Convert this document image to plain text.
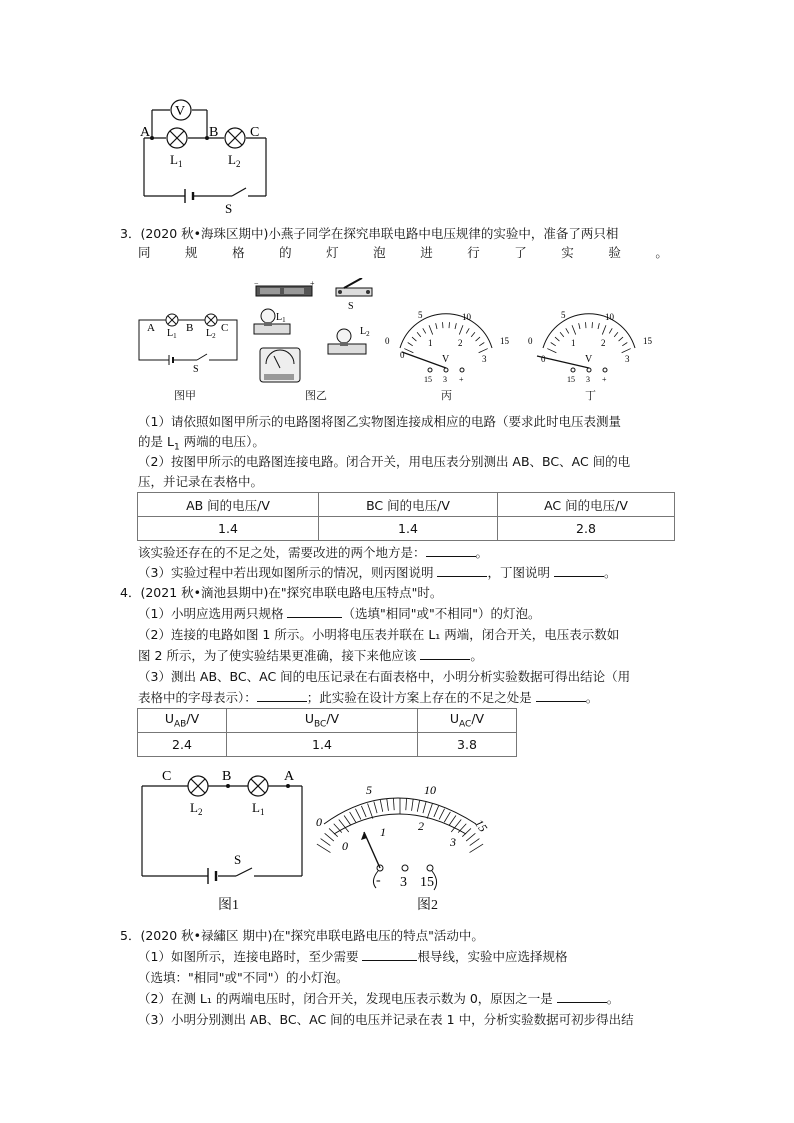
V
A	B C
$L_1$	$L_2$
S
3．(2020 秋•海珠区期中)小燕子同学在探究串联电路中电压规律的实验中，准备了两只相
同	规	格	的	灯	泡	进	行	了	实	验	。
A $L_1$
B $L_2$
C
S
图甲
−	+
S
$L_1$
$L_2$
图乙
0
5	10
15
0
1	2
3
V
15 3 +
丙
0
5	10
15
0
1	2
3
V
15 3 +
丁
（1）请依照如图甲所示的电路图将图乙实物图连接成相应的电路（要求此时电压表测量
的是 $L_1$ 两端的电压）。
（2）按图甲所示的电路图连接电路。闭合开关，用电压表分别测出 AB、BC、AC 间的电
压，并记录在表格中。
AB 间的电压/V	BC 间的电压/V	AC 间的电压/V
1.4	1.4	2.8
该实验还存在的不足之处，需要改进的两个地方是：	。
（3）实验过程中若出现如图所示的情况，则丙图说明	，丁图说明	。
4．(2021 秋•滴池县期中)在"探究串联电路电压特点"时。
（1）小明应选用两只规格	（选填"相同"或"不相同"）的灯泡。
（2）连接的电路如图 1 所示。小明将电压表并联在 L₁ 两端，闭合开关，电压表示数如
图 2 所示，为了使实验结果更准确，接下来他应该	。
（3）测出 AB、BC、AC 间的电压记录在右面表格中，小明分析实验数据可得出结论（用
表格中的字母表示）：	；此实验在设计方案上存在的不足之处是	。
$U_{AB}/V$	$U_{BC}/V$	$U_{AC}/V$
2.4	1.4	3.8
C	B	A
$L_2$	$L_1$
S
图1
0
5	10
15
0
1	2
3
- 3 15
图2
5．(2020 秋•禄繡区 期中)在"探究串联电路电压的特点"活动中。
（1）如图所示，连接电路时，至少需要	根导线，实验中应选择规格
（选填："相同"或"不同"）的小灯泡。
（2）在测 L₁ 的两端电压时，闭合开关，发现电压表示数为 0，原因之一是	。
（3）小明分别测出 AB、BC、AC 间的电压并记录在表 1 中，分析实验数据可初步得出结
